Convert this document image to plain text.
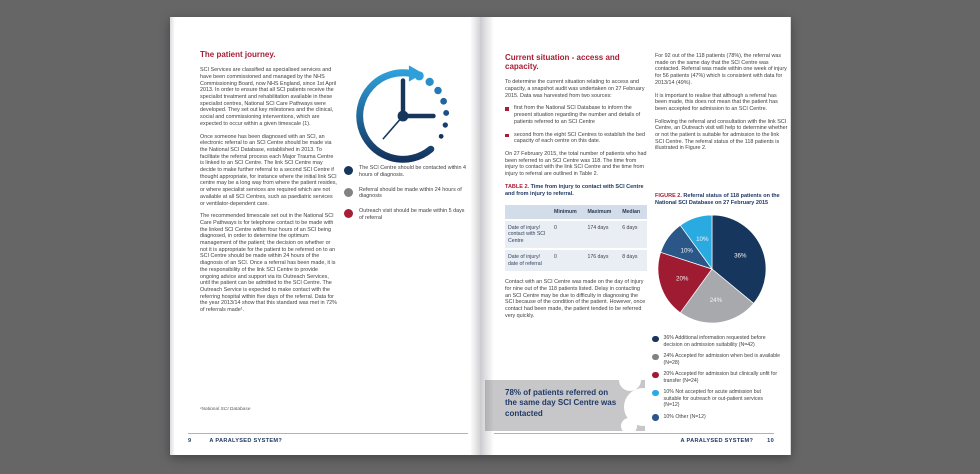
The patient journey.

SCI Services are classified as specialised services and have been commissioned and managed by the NHS Commissioning Board, now NHS England, since 1st April 2013. In order to ensure that all SCI patients receive the specialist treatment and rehabilitation available in these specialist centres, National SCI Care Pathways were developed. They set out key milestones and the clinical, social and commissioning interventions, which are expected to occur within a given timescale (1).

Once someone has been diagnosed with an SCI, an electronic referral to an SCI Centre should be made via the National SCI Database, established in 2013. To facilitate the referral process each Major Trauma Centre is linked to an SCI Centre. The link SCI Centre may decide to make further referral to a second SCI Centre if thought appropriate, for instance where the initial link SCI centre may be a long way from where the patient resides, or where specialist services are required which are not available at all SCI Centres, such as paediatric services or ventilator-dependent care.

The recommended timescale set out in the National SCI Care Pathways is for telephone contact to be made with the linked SCI Centre within four hours of an SCI being diagnosed, in order to determine the optimum management of the patient; the decision on whether or not it is appropriate for the patient to be referred on to an SCI Centre should be made within 24 hours of the diagnosis of an SCI. Once a referral has been made, it is the responsibility of the link SCI Centre to provide ongoing advice and support via its Outreach Services, until the patient can be admitted to the SCI Centre. The Outreach Service is expected to make contact with the referring hospital within five days of the referral. Data for the year 2013/14 show that this standard was met in 72% of referrals made¹.

The SCI Centre should be contacted within 4 hours of diagnosis.
Referral should be made within 24 hours of diagnosis
Outreach visit should be made within 5 days of referral
¹National SCI Database
9	A PARALYSED SYSTEM?
Current situation - access and capacity.

To determine the current situation relating to access and capacity, a snapshot audit was undertaken on 27 February 2015. Data was harvested from two sources:

first from the National SCI Database to inform the present situation regarding the number and details of patients referred to an SCI Centre
second from the eight SCI Centres to establish the bed capacity of each centre on this date.

On 27 February 2015, the total number of patients who had been referred to an SCI Centre was 118. The time from injury to contact with the link SCI Centre and the time from injury to referral are outlined in Table 2.

TABLE 2. Time from injury to contact with SCI Centre and from injury to referral.
	Minimum	Maximum	Median
Date of injury/ contact with SCI Centre	0	174 days	6 days
Date of injury/ date of referral	0	176 days	8 days

Contact with an SCI Centre was made on the day of injury for nine out of the 118 patients listed. Delay in contacting an SCI Centre may be due to difficulty in diagnosing the SCI because of the condition of the patient. However, once contact had been made, the patient tended to be referred very quickly.

78% of patients referred on the same day SCI Centre was contacted

For 92 out of the 118 patients (78%), the referral was made on the same day that the SCI Centre was contacted. Referral was made within one week of injury for 56 patients (47%) which is consistent with data for 2013/14 (49%).

It is important to realise that although a referral has been made, this does not mean that the patient has been accepted for admission to an SCI Centre.

Following the referral and consultation with the link SCI Centre, an Outreach visit will help to determine whether or not the patient is suitable for admission to the link SCI Centre. The referral status of the 118 patients is illustrated in Figure 2.

FIGURE 2. Referral status of 118 patients on the National SCI Database on 27 February 2015
36%
24%
20%
10%
10%
36% Additional information requested before decision on admission suitability (N=42)
24% Accepted for admission when bed is available (N=28)
20% Accepted for admission but clinically unfit for transfer (N=24)
10% Not accepted for acute admission but suitable for outreach or out-patient services (N=12)
10% Other (N=12)
A PARALYSED SYSTEM?	10
